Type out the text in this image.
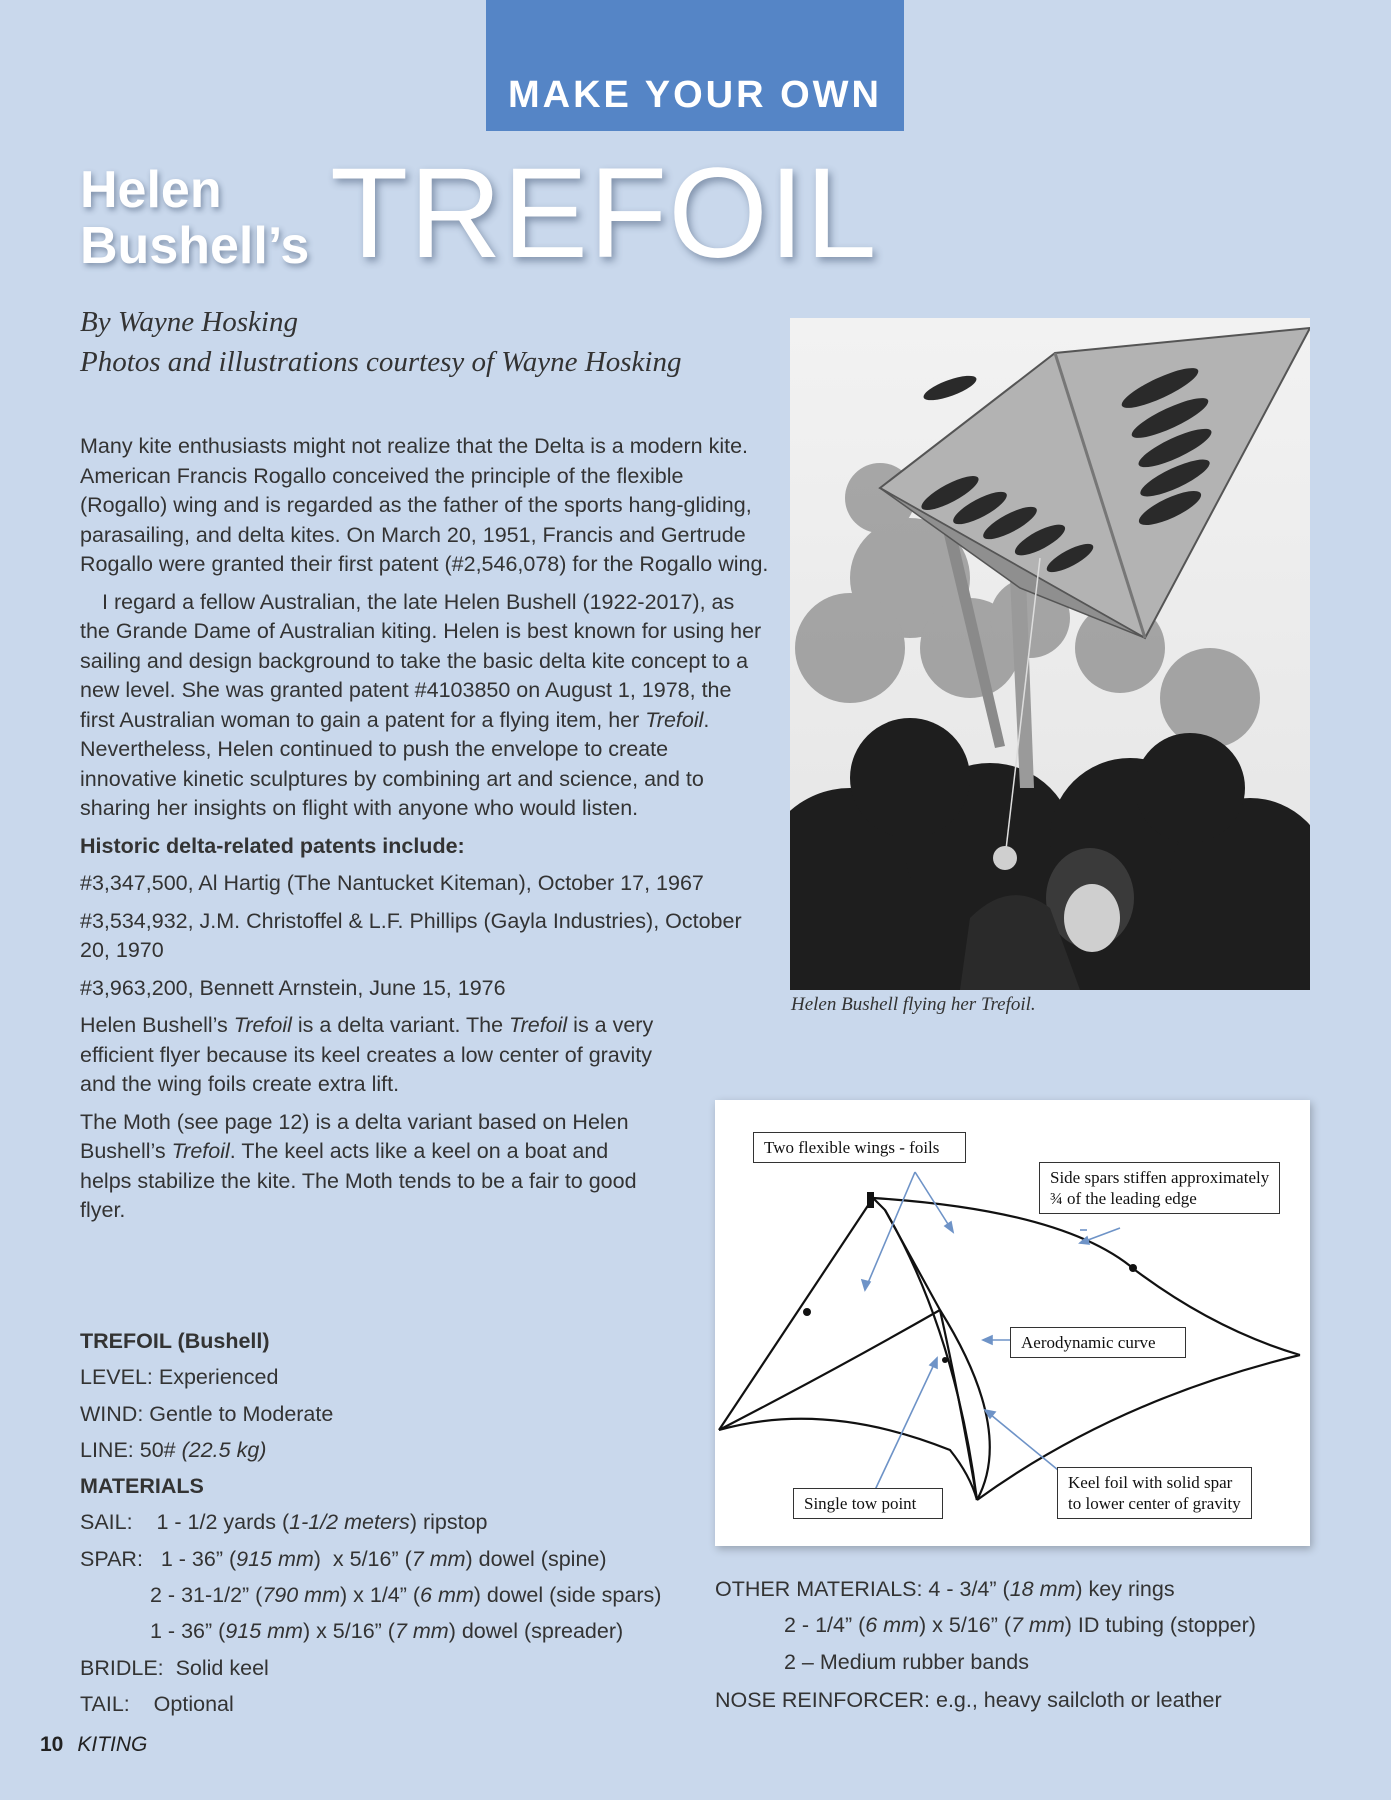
MAKE YOUR OWN
Helen
Bushell’s TREFOIL
By Wayne Hosking
Photos and illustrations courtesy of Wayne Hosking

Many kite enthusiasts might not realize that the Delta is a modern kite. American Francis Rogallo conceived the principle of the flexible (Rogallo) wing and is regarded as the father of the sports hang-gliding, parasailing, and delta kites. On March 20, 1951, Francis and Gertrude Rogallo were granted their first patent (#2,546,078) for the Rogallo wing.

I regard a fellow Australian, the late Helen Bushell (1922-2017), as the Grande Dame of Australian kiting. Helen is best known for using her sailing and design background to take the basic delta kite concept to a new level. She was granted patent #4103850 on August 1, 1978, the first Australian woman to gain a patent for a flying item, her Trefoil. Nevertheless, Helen continued to push the envelope to create innovative kinetic sculptures by combining art and science, and to sharing her insights on flight with anyone who would listen.

Historic delta-related patents include:

#3,347,500, Al Hartig (The Nantucket Kiteman), October 17, 1967

#3,534,932, J.M. Christoffel & L.F. Phillips (Gayla Industries), October 20, 1970

#3,963,200, Bennett Arnstein, June 15, 1976

Helen Bushell’s Trefoil is a delta variant. The Trefoil is a very efficient flyer because its keel creates a low center of gravity and the wing foils create extra lift.

The Moth (see page 12) is a delta variant based on Helen Bushell’s Trefoil. The keel acts like a keel on a boat and helps stabilize the kite. The Moth tends to be a fair to good flyer.

Helen Bushell flying her Trefoil.
Two flexible wings - foils
Side spars stiffen approximately
¾ of the leading edge
Aerodynamic curve
Single tow point
Keel foil with solid spar
to lower center of gravity
TREFOIL (Bushell)
LEVEL: Experienced
WIND: Gentle to Moderate
LINE: 50# (22.5 kg)
MATERIALS
SAIL:    1 - 1/2 yards (1-1/2 meters) ripstop
SPAR:   1 - 36” (915 mm)  x 5/16” (7 mm) dowel (spine)
2 - 31-1/2” (790 mm) x 1/4” (6 mm) dowel (side spars)
1 - 36” (915 mm) x 5/16” (7 mm) dowel (spreader)
BRIDLE:  Solid keel
TAIL:    Optional
OTHER MATERIALS: 4 - 3/4” (18 mm) key rings
2 - 1/4” (6 mm) x 5/16” (7 mm) ID tubing (stopper)
2 – Medium rubber bands
NOSE REINFORCER: e.g., heavy sailcloth or leather
10 KITING
